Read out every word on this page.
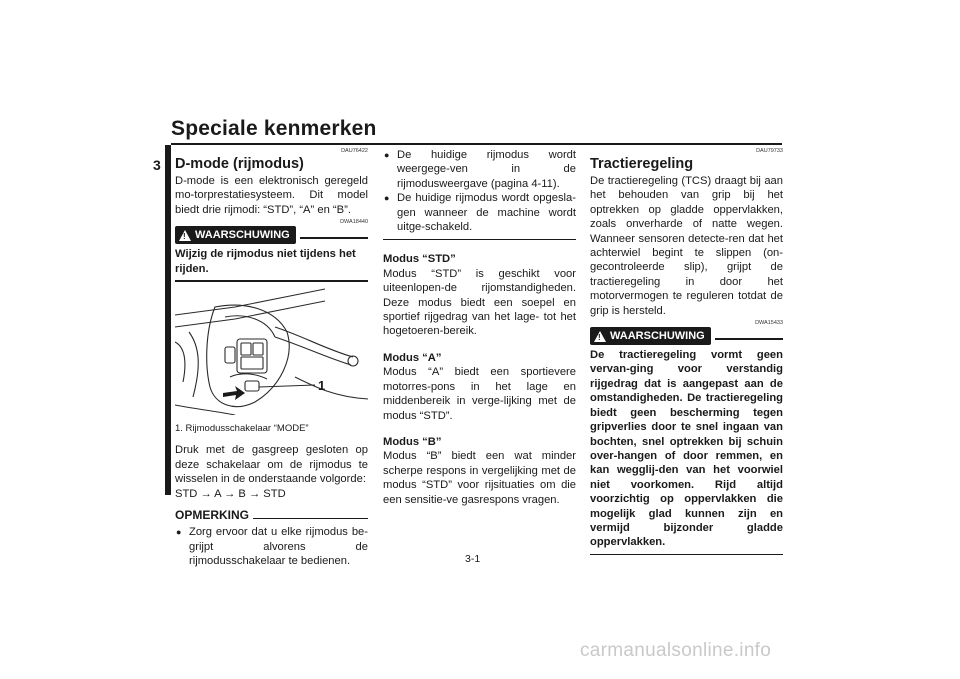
Speciale kenmerken
3
DAU76422
D-mode (rijmodus)

D-mode is een elektronisch geregeld mo-torprestatiesysteem. Dit model biedt drie rijmodi: “STD”, “A” en “B”.

DWA18440
! WAARSCHUWING

Wijzig de rijmodus niet tijdens het rijden.

1
1. Rijmodusschakelaar “MODE”

Druk met de gasgreep gesloten op deze schakelaar om de rijmodus te wisselen in de onderstaande volgorde:

STD → A → B → STD

OPMERKING
● Zorg ervoor dat u elke rijmodus be-grijpt alvorens de rijmodusschakelaar te bedienen.
● De huidige rijmodus wordt weergege-ven in de rijmodusweergave (pagina 4-11).
● De huidige rijmodus wordt opgesla-gen wanneer de machine wordt uitge-schakeld.

Modus “STD”

Modus “STD” is geschikt voor uiteenlopen-de rijomstandigheden. Deze modus biedt een soepel en sportief rijgedrag van het lage- tot het hogetoeren-bereik.

Modus “A”

Modus “A” biedt een sportievere motorres-pons in het lage en middenbereik in verge-lijking met de modus “STD”.

Modus “B”

Modus “B” biedt een wat minder scherpe respons in vergelijking met de modus “STD” voor rijsituaties om die een sensitie-ve gasrespons vragen.

DAU79733
Tractieregeling

De tractieregeling (TCS) draagt bij aan het behouden van grip bij het optrekken op gladde oppervlakken, zoals onverharde of natte wegen. Wanneer sensoren detecte-ren dat het achterwiel begint te slippen (on-gecontroleerde slip), grijpt de tractieregeling in door het motorvermogen te reguleren totdat de grip is hersteld.

DWA15433
! WAARSCHUWING

De tractieregeling vormt geen vervan-ging voor verstandig rijgedrag dat is aangepast aan de omstandigheden. De tractieregeling biedt geen bescherming tegen gripverlies door te snel ingaan van bochten, snel optrekken bij schuin over-hangen of door remmen, en kan wegglij-den van het voorwiel niet voorkomen. Rijd altijd voorzichtig op oppervlakken die mogelijk glad kunnen zijn en vermijd bijzonder gladde oppervlakken.

3-1
carmanualsonline.info
